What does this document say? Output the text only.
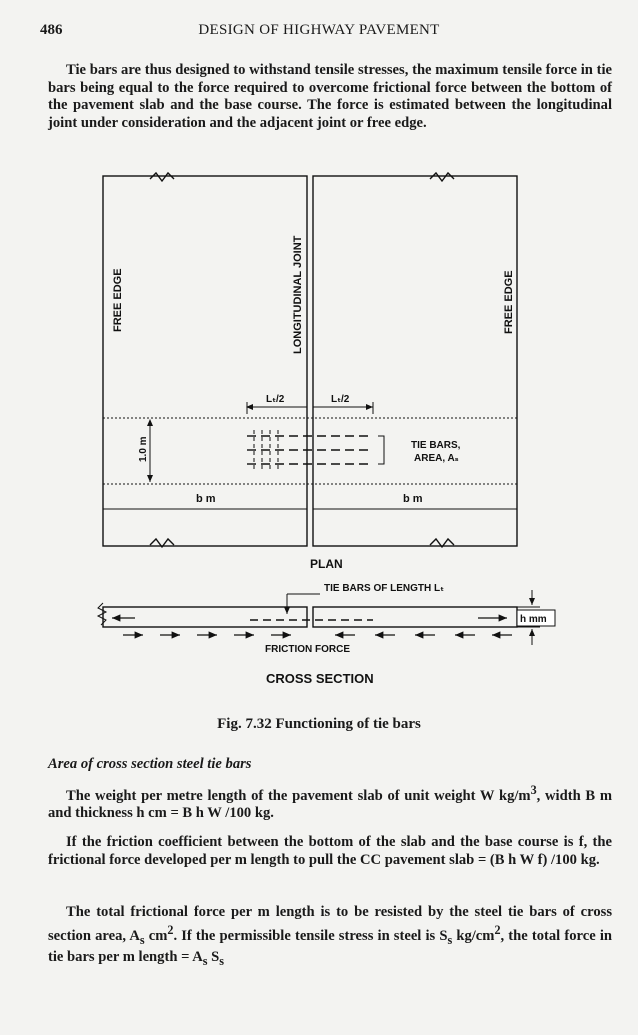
486	DESIGN OF HIGHWAY PAVEMENT
Tie bars are thus designed to withstand tensile stresses, the maximum tensile force in tie bars being equal to the force required to overcome frictional force between the bottom of the pavement slab and the base course. The force is estimated between the longitudinal joint under consideration and the adjacent joint or free edge.
1.0 m
b m	b m
Lₜ/2	Lₜ/2
TIE BARS,
AREA, Aₛ
FREE EDGE	LONGITUDINAL JOINT	FREE EDGE
PLAN
TIE BARS OF LENGTH Lₜ
h mm
FRICTION FORCE
CROSS SECTION
Fig. 7.32 Functioning of tie bars
Area of cross section steel tie bars
The weight per metre length of the pavement slab of unit weight W $kg/m^3$, width B m and thickness h cm = B h W /100 kg.
If the friction coefficient between the bottom of the slab and the base course is f, the frictional force developed per m length to pull the CC pavement slab = (B h W f) /100 kg.
The total frictional force per m length is to be resisted by the steel tie bars of cross section area, $A_s$ $cm^2$. If the permissible tensile stress in steel is $S_s$ $kg/cm^2$, the total force in tie bars per m length = $A_s$ $S_s$
